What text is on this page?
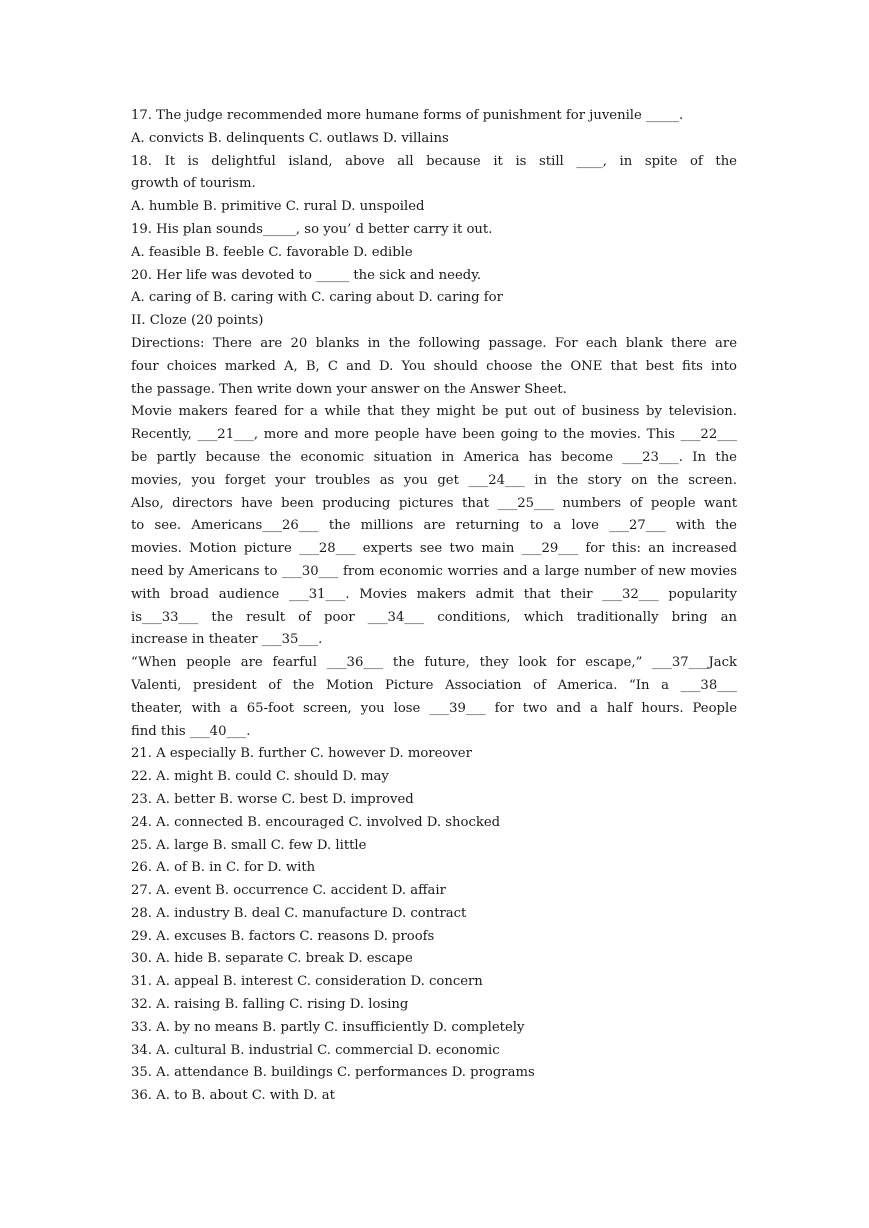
17. The judge recommended more humane forms of punishment for juvenile _____.
A. convicts B. delinquents C. outlaws D. villains
18. It is delightful island, above all because it is still ____, in spite of the
growth of tourism.
A. humble B. primitive C. rural D. unspoiled
19. His plan sounds_____, so you’ d better carry it out.
A. feasible B. feeble C. favorable D. edible
20. Her life was devoted to _____ the sick and needy.
A. caring of B. caring with C. caring about D. caring for
II. Cloze (20 points)
Directions: There are 20 blanks in the following passage. For each blank there are
four choices marked A, B, C and D. You should choose the ONE that best fits into
the passage. Then write down your answer on the Answer Sheet.
Movie makers feared for a while that they might be put out of business by television.
Recently, ___21___, more and more people have been going to the movies. This ___22___
be partly because the economic situation in America has become ___23___. In the
movies, you forget your troubles as you get ___24___ in the story on the screen.
Also, directors have been producing pictures that ___25___ numbers of people want
to see. Americans___26___ the millions are returning to a love ___27___ with the
movies. Motion picture ___28___ experts see two main ___29___ for this: an increased
need by Americans to ___30___ from economic worries and a large number of new movies
with broad audience ___31___. Movies makers admit that their ___32___ popularity
is___33___ the result of poor ___34___ conditions, which traditionally bring an
increase in theater ___35___.
“When people are fearful ___36___ the future, they look for escape,” ___37___Jack
Valenti, president of the Motion Picture Association of America. “In a ___38___
theater, with a 65-foot screen, you lose ___39___ for two and a half hours. People
find this ___40___.
21. A especially B. further C. however D. moreover
22. A. might B. could C. should D. may
23. A. better B. worse C. best D. improved
24. A. connected B. encouraged C. involved D. shocked
25. A. large B. small C. few D. little
26. A. of B. in C. for D. with
27. A. event B. occurrence C. accident D. affair
28. A. industry B. deal C. manufacture D. contract
29. A. excuses B. factors C. reasons D. proofs
30. A. hide B. separate C. break D. escape
31. A. appeal B. interest C. consideration D. concern
32. A. raising B. falling C. rising D. losing
33. A. by no means B. partly C. insufficiently D. completely
34. A. cultural B. industrial C. commercial D. economic
35. A. attendance B. buildings C. performances D. programs
36. A. to B. about C. with D. at
